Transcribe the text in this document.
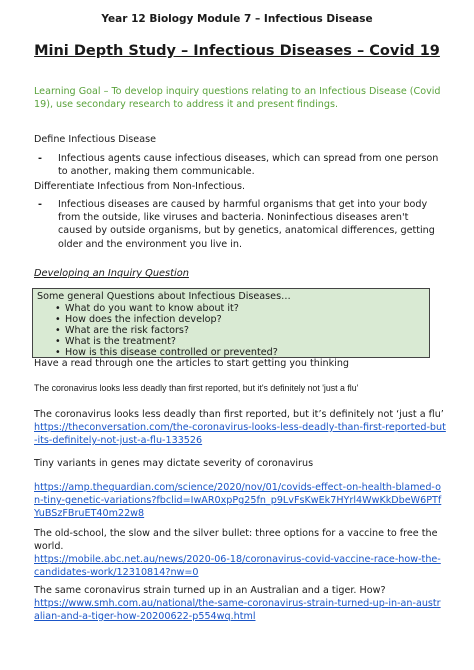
Year 12 Biology Module 7 – Infectious Disease
Mini Depth Study – Infectious Diseases – Covid 19
Learning Goal – To develop inquiry questions relating to an Infectious Disease (Covid 19), use secondary research to address it and present findings.
Define Infectious Disease
- Infectious agents cause infectious diseases, which can spread from one person to another, making them communicable.
Differentiate Infectious from Non-Infectious.
- Infectious diseases are caused by harmful organisms that get into your body from the outside, like viruses and bacteria. Noninfectious diseases aren't caused by outside organisms, but by genetics, anatomical differences, getting older and the environment you live in.
Developing an Inquiry Question
Some general Questions about Infectious Diseases…
• What do you want to know about it?
• How does the infection develop?
• What are the risk factors?
• What is the treatment?
• How is this disease controlled or prevented?
Have a read through one the articles to start getting you thinking
The coronavirus looks less deadly than first reported, but it's definitely not 'just a flu'
The coronavirus looks less deadly than first reported, but it’s definitely not ‘just a flu’
https://theconversation.com/the-coronavirus-looks-less-deadly-than-first-reported-but-its-definitely-not-just-a-flu-133526
Tiny variants in genes may dictate severity of coronavirus
https://amp.theguardian.com/science/2020/nov/01/covids-effect-on-health-blamed-on-tiny-genetic-variations?fbclid=IwAR0xpPg25fn_p9LvFsKwEk7HYrl4WwKkDbeW6PTfYuBSzFBruET40m22w8
The old-school, the slow and the silver bullet: three options for a vaccine to free the world.
https://mobile.abc.net.au/news/2020-06-18/coronavirus-covid-vaccine-race-how-the-candidates-work/12310814?nw=0
The same coronavirus strain turned up in an Australian and a tiger. How?
https://www.smh.com.au/national/the-same-coronavirus-strain-turned-up-in-an-australian-and-a-tiger-how-20200622-p554wq.html
